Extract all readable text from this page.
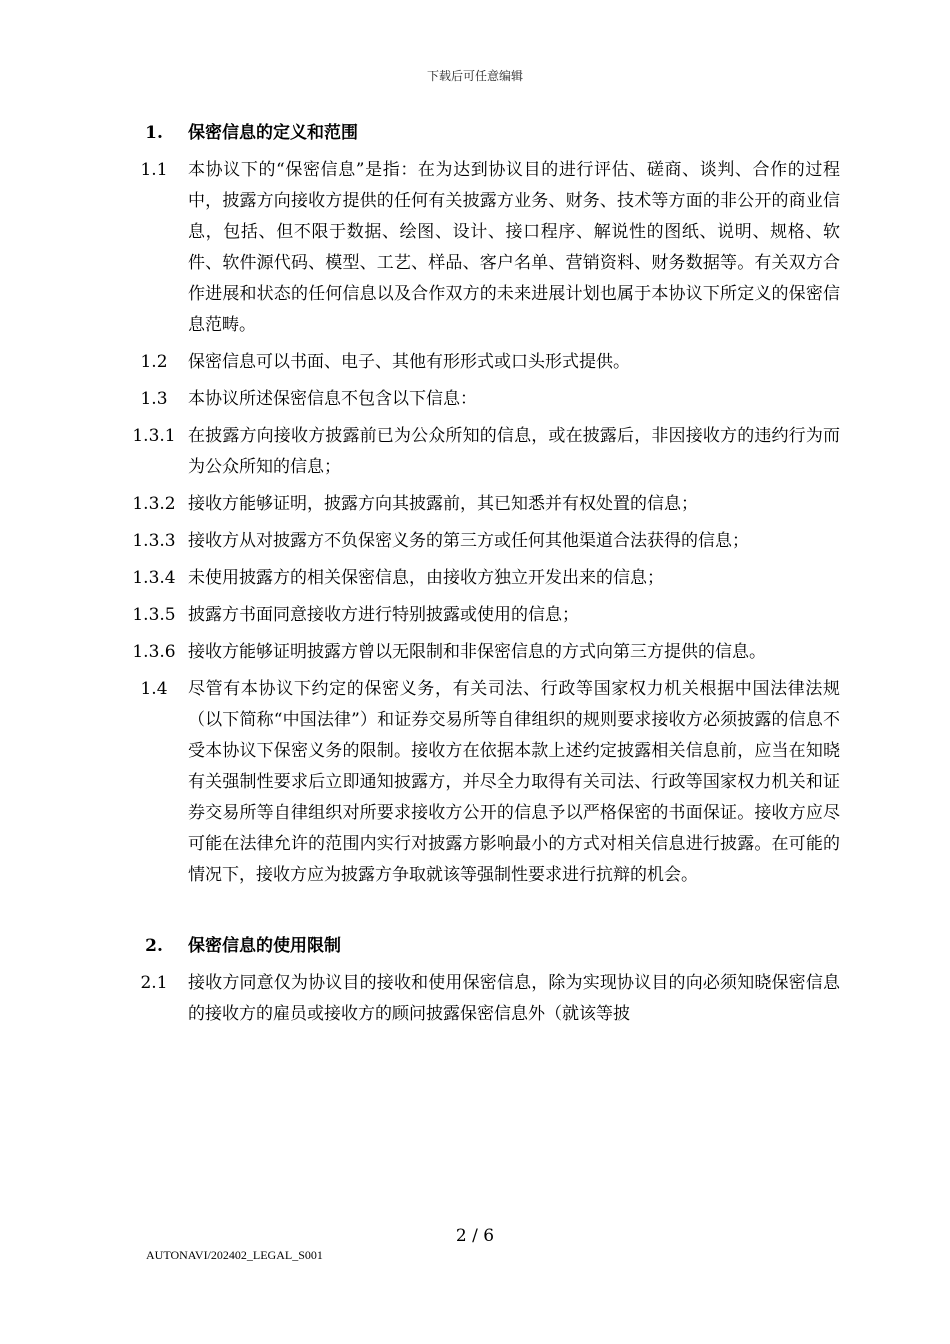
下载后可任意编辑
1.	保密信息的定义和范围
1.1	本协议下的“保密信息”是指：在为达到协议目的进行评估、磋商、谈判、合作的过程中，披露方向接收方提供的任何有关披露方业务、财务、技术等方面的非公开的商业信息，包括、但不限于数据、绘图、设计、接口程序、解说性的图纸、说明、规格、软件、软件源代码、模型、工艺、样品、客户名单、营销资料、财务数据等。有关双方合作进展和状态的任何信息以及合作双方的未来进展计划也属于本协议下所定义的保密信息范畴。
1.2	保密信息可以书面、电子、其他有形形式或口头形式提供。
1.3	本协议所述保密信息不包含以下信息：
1.3.1 在披露方向接收方披露前已为公众所知的信息，或在披露后，非因接收方的违约行为而为公众所知的信息；
1.3.2 接收方能够证明，披露方向其披露前，其已知悉并有权处置的信息；
1.3.3 接收方从对披露方不负保密义务的第三方或任何其他渠道合法获得的信息；
1.3.4 未使用披露方的相关保密信息，由接收方独立开发出来的信息；
1.3.5 披露方书面同意接收方进行特别披露或使用的信息；
1.3.6 接收方能够证明披露方曾以无限制和非保密信息的方式向第三方提供的信息。
1.4	尽管有本协议下约定的保密义务，有关司法、行政等国家权力机关根据中国法律法规（以下简称“中国法律”）和证券交易所等自律组织的规则要求接收方必须披露的信息不受本协议下保密义务的限制。接收方在依据本款上述约定披露相关信息前，应当在知晓有关强制性要求后立即通知披露方，并尽全力取得有关司法、行政等国家权力机关和证券交易所等自律组织对所要求接收方公开的信息予以严格保密的书面保证。接收方应尽可能在法律允许的范围内实行对披露方影响最小的方式对相关信息进行披露。在可能的情况下，接收方应为披露方争取就该等强制性要求进行抗辩的机会。
2.	保密信息的使用限制
2.1	接收方同意仅为协议目的接收和使用保密信息，除为实现协议目的向必须知晓保密信息的接收方的雇员或接收方的顾问披露保密信息外（就该等披
2 / 6
AUTONAVI/202402_LEGAL_S001
